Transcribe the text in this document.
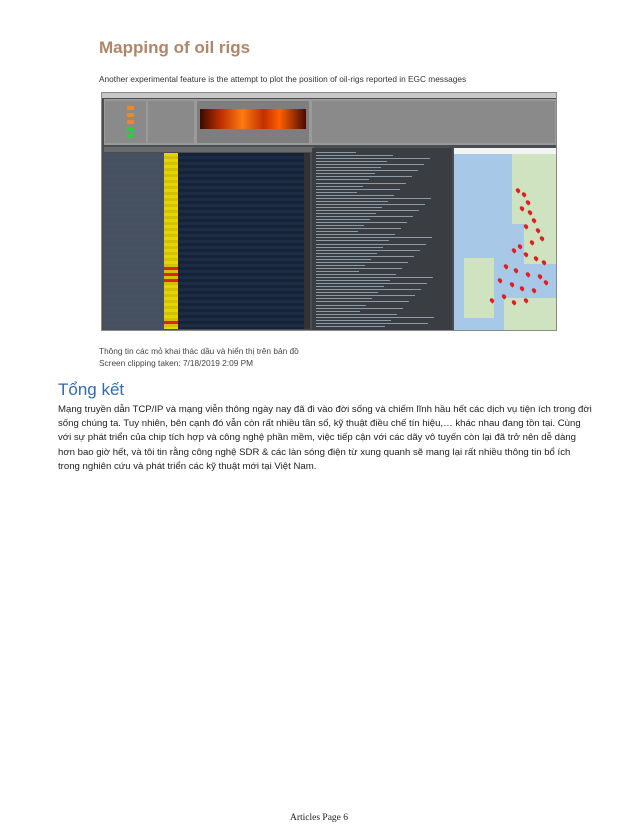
Mapping of oil rigs
Another experimental feature is the attempt to plot the position of oil-rigs reported in EGC messages
Thông tin các mỏ khai thác dầu và hiển thị trên bản đồ
Screen clipping taken: 7/18/2019 2:09 PM
Tổng kết
Mạng truyền dẫn TCP/IP và mạng viễn thông ngày nay đã đi vào đời sống và chiếm lĩnh hầu hết các dịch vụ tiện ích trong đời
sống chúng ta. Tuy nhiên, bên cạnh đó vẫn còn rất nhiều tần số, kỹ thuật điều chế tín hiệu,… khác nhau đang tồn tại. Cùng
với sự phát triển của chip tích hợp và công nghệ phần mềm, việc tiếp cận với các dãy vô tuyến còn lại đã trở nên dễ dàng
hơn bao giờ hết, và tôi tin rằng công nghệ SDR & các làn sóng điện từ xung quanh sẽ mang lại rất nhiều thông tin bổ ích
trong nghiên cứu và phát triển các kỹ thuật mới tại Việt Nam.
Articles Page 6
